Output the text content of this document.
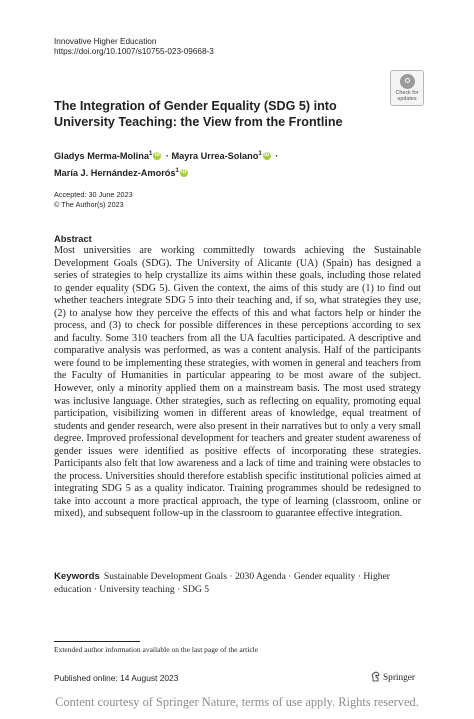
Innovative Higher Education
https://doi.org/10.1007/s10755-023-09668-3
Check for
updates
The Integration of Gender Equality (SDG 5) into University Teaching: the View from the Frontline
Gladys Merma-Molina$^1$ iD · Mayra Urrea-Solano$^1$ iD ·
María J. Hernández-Amorós$^1$iD
Accepted: 30 June 2023
© The Author(s) 2023
Abstract

Most universities are working committedly towards achieving the Sustainable Development Goals (SDG). The University of Alicante (UA) (Spain) has designed a series of strategies to help crystallize its aims within these goals, including those related to gender equality (SDG 5). Given the context, the aims of this study are (1) to find out whether teachers integrate SDG 5 into their teaching and, if so, what strategies they use, (2) to analyse how they perceive the effects of this and what factors help or hinder the process, and (3) to check for possible differences in these perceptions according to sex and faculty. Some 310 teachers from all the UA faculties participated. A descriptive and comparative analysis was performed, as was a content analysis. Half of the participants were found to be implementing these strategies, with women in general and teachers from the Faculty of Humanities in particular appearing to be most aware of the subject. However, only a minority applied them on a mainstream basis. The most used strategy was inclusive language. Other strategies, such as reflecting on equality, promoting equal participation, visibilizing women in different areas of knowledge, equal treatment of students and gender research, were also present in their narratives but to only a very small degree. Improved professional development for teachers and greater student awareness of gender issues were identified as positive effects of incorporating these strategies. Participants also felt that low awareness and a lack of time and training were obstacles to the process. Universities should therefore establish specific institutional policies aimed at integrating SDG 5 as a quality indicator. Training programmes should be redesigned to take into account a more practical approach, the type of learning (classroom, online or mixed), and subsequent follow-up in the classroom to guarantee effective integration.

Keywords Sustainable Development Goals · 2030 Agenda · Gender equality · Higher education · University teaching · SDG 5
Extended author information available on the last page of the article
Published online: 14 August 2023	Springer
Content courtesy of Springer Nature, terms of use apply. Rights reserved.
